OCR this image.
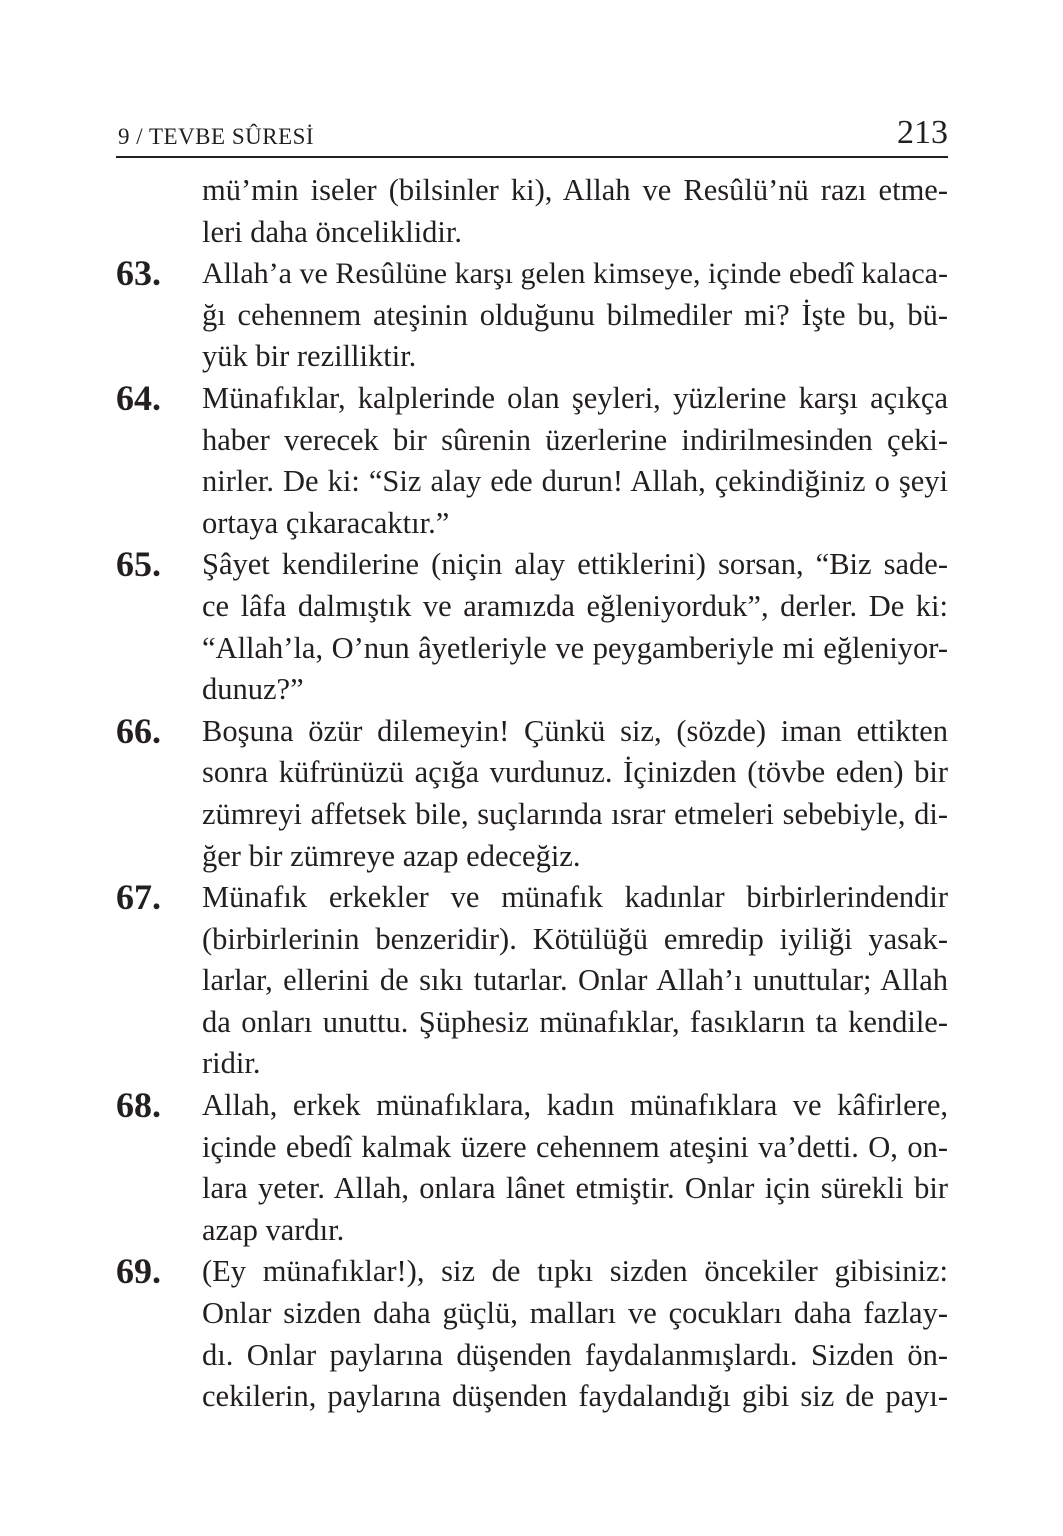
9 / TEVBE SÛRESİ	213
mü’min iseler (bilsinler ki), Allah ve Resûlü’nü razı etme-
leri daha önceliklidir.
63. Allah’a ve Resûlüne karşı gelen kimseye, içinde ebedî kalaca-
ğı cehennem ateşinin olduğunu bilmediler mi? İşte bu, bü-
yük bir rezilliktir.
64. Münafıklar, kalplerinde olan şeyleri, yüzlerine karşı açıkça
haber verecek bir sûrenin üzerlerine indirilmesinden çeki-
nirler. De ki: “Siz alay ede durun! Allah, çekindiğiniz o şeyi
ortaya çıkaracaktır.”
65. Şâyet kendilerine (niçin alay ettiklerini) sorsan, “Biz sade-
ce lâfa dalmıştık ve aramızda eğleniyorduk”, derler. De ki:
“Allah’la, O’nun âyetleriyle ve peygamberiyle mi eğleniyor-
dunuz?”
66. Boşuna özür dilemeyin! Çünkü siz, (sözde) iman ettikten
sonra küfrünüzü açığa vurdunuz. İçinizden (tövbe eden) bir
zümreyi affetsek bile, suçlarında ısrar etmeleri sebebiyle, di-
ğer bir zümreye azap edeceğiz.
67. Münafık erkekler ve münafık kadınlar birbirlerindendir
(birbirlerinin benzeridir). Kötülüğü emredip iyiliği yasak-
larlar, ellerini de sıkı tutarlar. Onlar Allah’ı unuttular; Allah
da onları unuttu. Şüphesiz münafıklar, fasıkların ta kendile-
ridir.
68. Allah, erkek münafıklara, kadın münafıklara ve kâfirlere,
içinde ebedî kalmak üzere cehennem ateşini va’detti. O, on-
lara yeter. Allah, onlara lânet etmiştir. Onlar için sürekli bir
azap vardır.
69. (Ey münafıklar!), siz de tıpkı sizden öncekiler gibisiniz:
Onlar sizden daha güçlü, malları ve çocukları daha fazlay-
dı. Onlar paylarına düşenden faydalanmışlardı. Sizden ön-
cekilerin, paylarına düşenden faydalandığı gibi siz de payı-
